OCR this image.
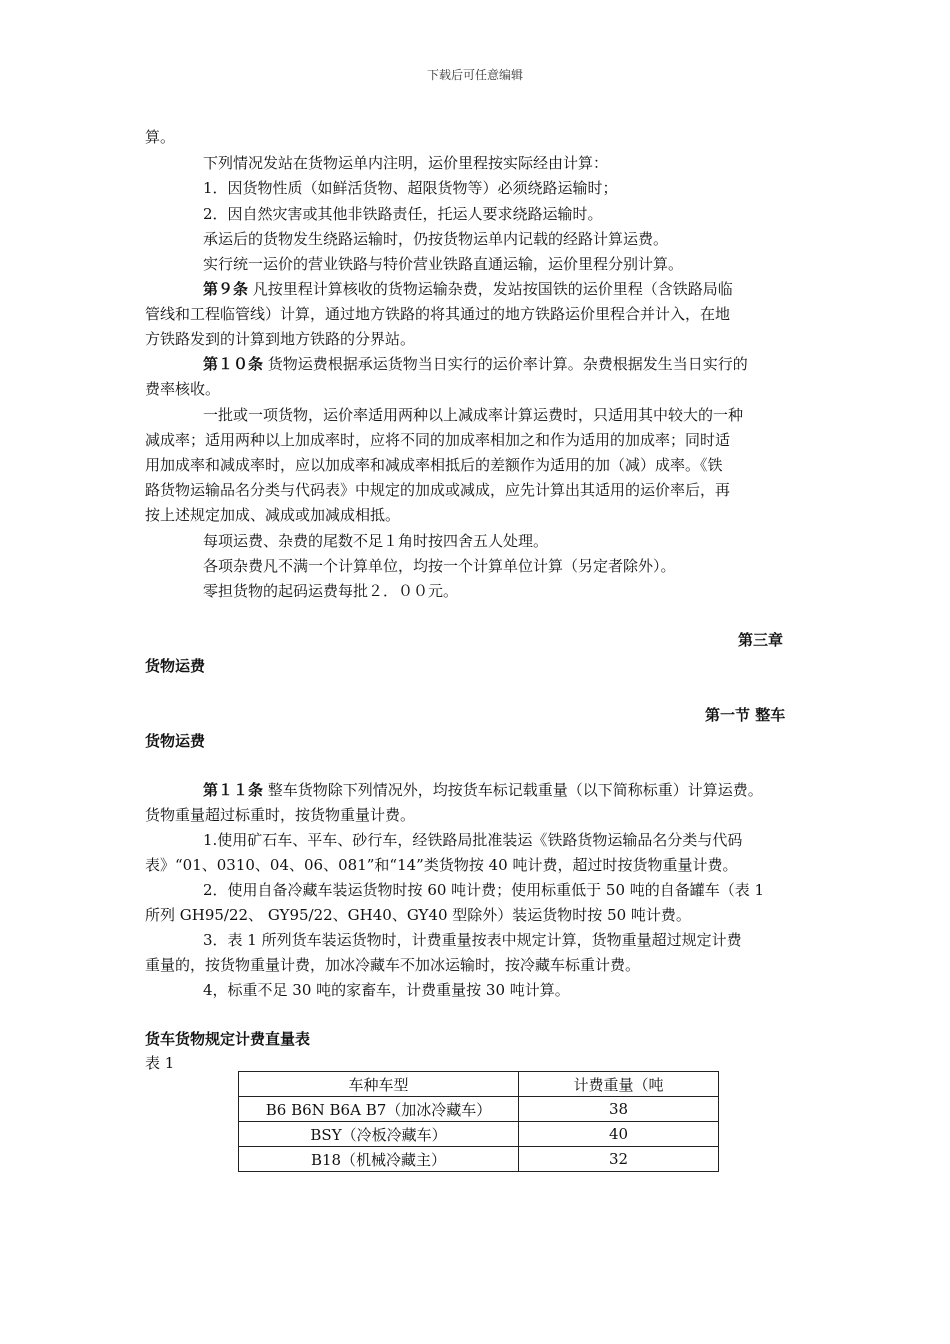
下载后可任意编辑
算。
下列情况发站在货物运单内注明，运价里程按实际经由计算：
1．因货物性质（如鲜活货物、超限货物等）必须绕路运输时；
2．因自然灾害或其他非铁路责任，托运人要求绕路运输时。
承运后的货物发生绕路运输时，仍按货物运单内记载的经路计算运费。
实行统一运价的营业铁路与特价营业铁路直通运输，运价里程分别计算。
第９条 凡按里程计算核收的货物运输杂费，发站按国铁的运价里程（含铁路局临
管线和工程临管线）计算，通过地方铁路的将其通过的地方铁路运价里程合并计入，在地
方铁路发到的计算到地方铁路的分界站。
第１０条 货物运费根据承运货物当日实行的运价率计算。杂费根据发生当日实行的
费率核收。
一批或一项货物，运价率适用两种以上减成率计算运费时，只适用其中较大的一种
减成率；适用两种以上加成率时，应将不同的加成率相加之和作为适用的加成率；同时适
用加成率和减成率时，应以加成率和减成率相抵后的差额作为适用的加（减）成率。《铁
路货物运输品名分类与代码表》中规定的加成或减成，应先计算出其适用的运价率后，再
按上述规定加成、减成或加减成相抵。
每项运费、杂费的尾数不足１角时按四舍五人处理。
各项杂费凡不满一个计算单位，均按一个计算单位计算（另定者除外）。
零担货物的起码运费每批２．００元。
第三章
货物运费
第一节 整车
货物运费
第１１条 整车货物除下列情况外，均按货车标记载重量（以下简称标重）计算运费。
货物重量超过标重时，按货物重量计费。
1.使用矿石车、平车、砂行车，经铁路局批准装运《铁路货物运输品名分类与代码
表》“01、0310、04、06、081”和“14”类货物按 40 吨计费，超过时按货物重量计费。
2．使用自备冷藏车装运货物时按 60 吨计费；使用标重低于 50 吨的自备罐车（表 1
所列 GH95/22、 GY95/22、GH40、GY40 型除外）装运货物时按 50 吨计费。
3．表 1 所列货车装运货物时，计费重量按表中规定计算，货物重量超过规定计费
重量的，按货物重量计费，加冰冷藏车不加冰运输时，按冷藏车标重计费。
4，标重不足 30 吨的家畜车，计费重量按 30 吨计算。
货车货物规定计费直量表
表 1
车种车型	计费重量（吨
B6 B6N B6A B7（加冰冷藏车）	38
BSY（冷板冷藏车）	40
B18（机械冷藏主）	32
